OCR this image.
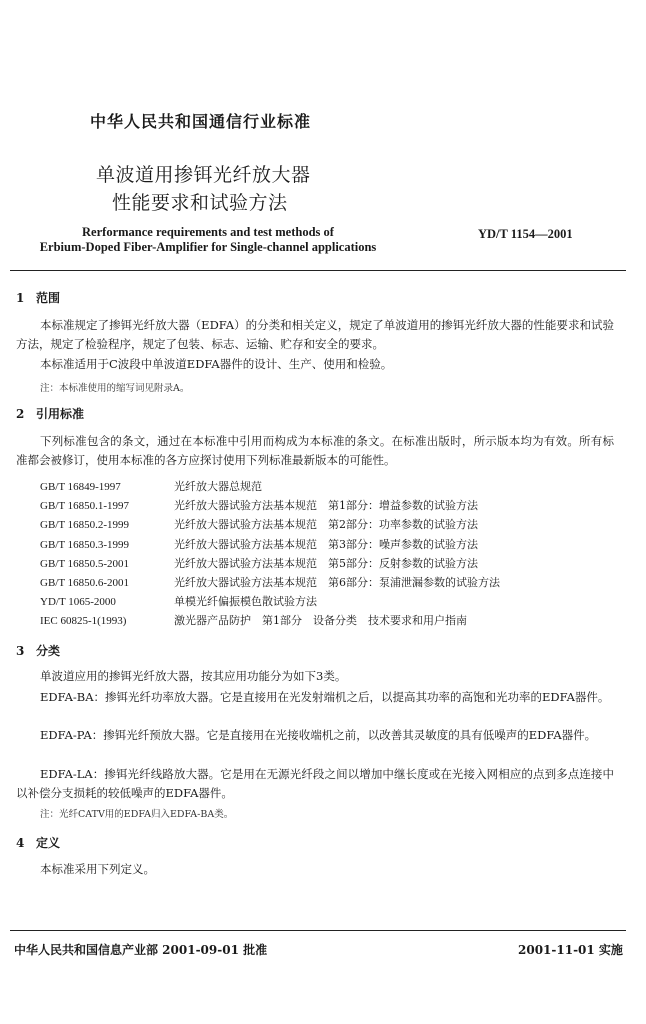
中华人民共和国通信行业标准
单波道用掺铒光纤放大器
性能要求和试验方法
Rerformance requirements and test methods of
Erbium-Doped Fiber-Amplifier for Single-channel applications
YD/T 1154—2001
1 范围
本标准规定了掺铒光纤放大器（EDFA）的分类和相关定义，规定了单波道用的掺铒光纤放大器的性能要求和试验方法，规定了检验程序，规定了包装、标志、运输、贮存和安全的要求。
本标准适用于C波段中单波道EDFA器件的设计、生产、使用和检验。
注：本标准使用的缩写词见附录A。
2 引用标准
下列标准包含的条文，通过在本标准中引用而构成为本标准的条文。在标准出版时，所示版本均为有效。所有标准都会被修订，使用本标准的各方应探讨使用下列标准最新版本的可能性。
GB/T 16849-1997	光纤放大器总规范
GB/T 16850.1-1997	光纤放大器试验方法基本规范　第1部分：增益参数的试验方法
GB/T 16850.2-1999	光纤放大器试验方法基本规范　第2部分：功率参数的试验方法
GB/T 16850.3-1999	光纤放大器试验方法基本规范　第3部分：噪声参数的试验方法
GB/T 16850.5-2001	光纤放大器试验方法基本规范　第5部分：反射参数的试验方法
GB/T 16850.6-2001	光纤放大器试验方法基本规范　第6部分：泵浦泄漏参数的试验方法
YD/T 1065-2000	单模光纤偏振模色散试验方法
IEC 60825-1(1993)	激光器产品防护　第1部分　设备分类　技术要求和用户指南
3 分类
单波道应用的掺铒光纤放大器，按其应用功能分为如下3类。
EDFA-BA：掺铒光纤功率放大器。它是直接用在光发射端机之后，以提高其功率的高饱和光功率的EDFA器件。
EDFA-PA：掺铒光纤预放大器。它是直接用在光接收端机之前，以改善其灵敏度的具有低噪声的EDFA器件。
EDFA-LA：掺铒光纤线路放大器。它是用在无源光纤段之间以增加中继长度或在光接入网相应的点到多点连接中以补偿分支损耗的较低噪声的EDFA器件。
注：光纤CATV用的EDFA归入EDFA-BA类。
4 定义
本标准采用下列定义。
中华人民共和国信息产业部 2001-09-01 批准	2001-11-01 实施
